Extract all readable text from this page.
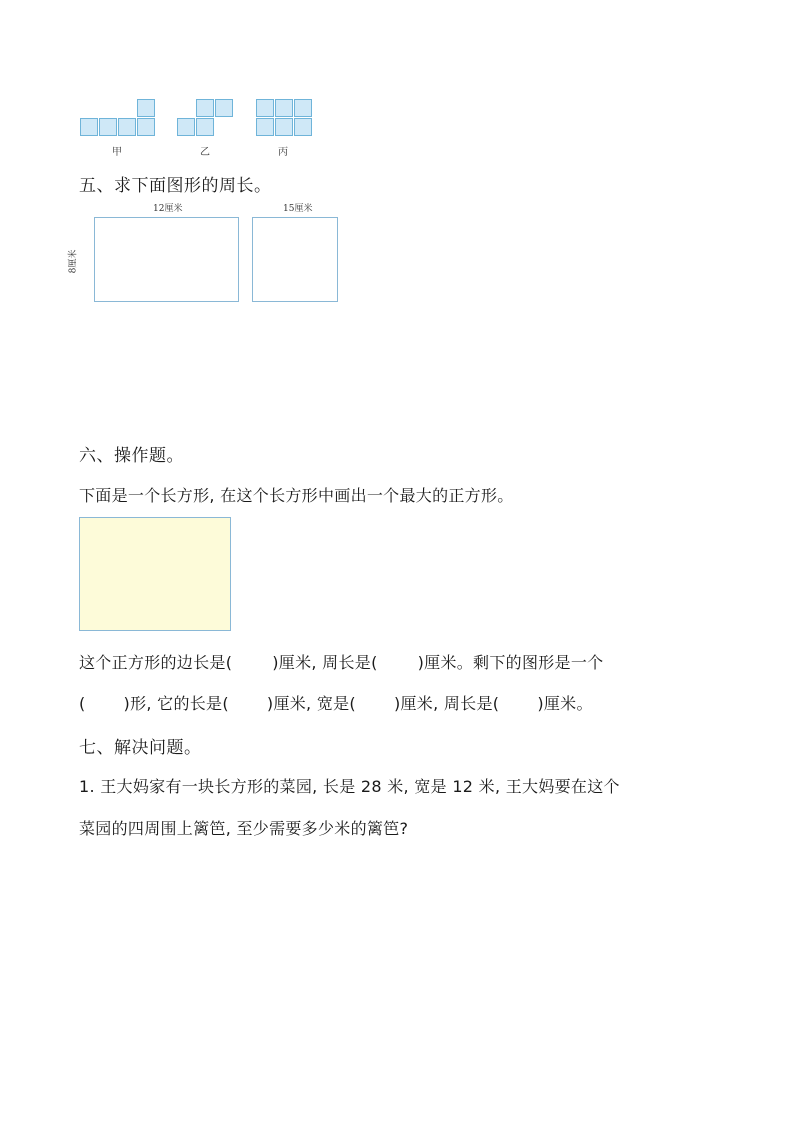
甲	乙	丙
五、求下面图形的周长。
12厘米	15厘米
8厘米
六、操作题。
下面是一个长方形, 在这个长方形中画出一个最大的正方形。
这个正方形的边长是(	)厘米, 周长是(	)厘米。剩下的图形是一个
( )形, 它的长是( )厘米, 宽是( )厘米, 周长是( )厘米。
七、解决问题。
1. 王大妈家有一块长方形的菜园, 长是 28 米, 宽是 12 米, 王大妈要在这个
菜园的四周围上篱笆, 至少需要多少米的篱笆?
